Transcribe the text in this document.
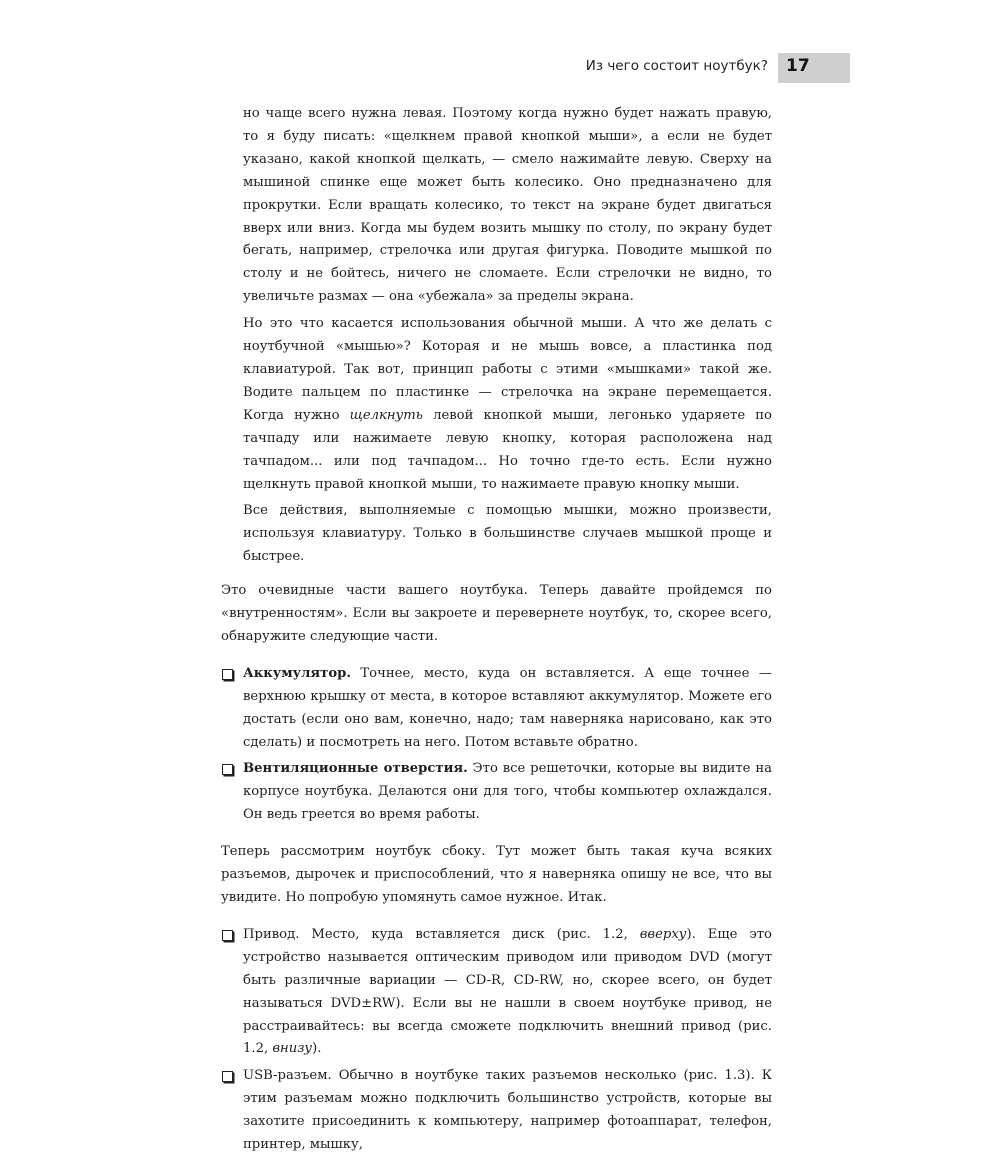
Из чего состоит ноутбук? 17

но чаще всего нужна левая. Поэтому когда нужно будет нажать правую, то я буду писать: «щелкнем правой кнопкой мыши», а если не будет указано, какой кнопкой щелкать, — смело нажимайте левую. Сверху на мышиной спинке еще может быть колесико. Оно предназначено для прокрутки. Если вращать колесико, то текст на экране будет двигаться вверх или вниз. Когда мы будем возить мышку по столу, по экрану будет бегать, например, стрелочка или другая фигурка. Поводите мышкой по столу и не бойтесь, ничего не сломаете. Если стрелочки не видно, то увеличьте размах — она «убежала» за пределы экрана.

Но это что касается использования обычной мыши. А что же делать с ноутбучной «мышью»? Которая и не мышь вовсе, а пластинка под клавиатурой. Так вот, принцип работы с этими «мышками» такой же. Водите пальцем по пластинке — стрелочка на экране перемещается. Когда нужно щелкнуть левой кнопкой мыши, легонько ударяете по тачпаду или нажимаете левую кнопку, которая расположена над тачпадом... или под тачпадом... Но точно где-то есть. Если нужно щелкнуть правой кнопкой мыши, то нажимаете правую кнопку мыши.

Все действия, выполняемые с помощью мышки, можно произвести, используя клавиатуру. Только в большинстве случаев мышкой проще и быстрее.

Это очевидные части вашего ноутбука. Теперь давайте пройдемся по «внутренностям». Если вы закроете и перевернете ноутбук, то, скорее всего, обнаружите следующие части.

Аккумулятор. Точнее, место, куда он вставляется. А еще точнее — верхнюю крышку от места, в которое вставляют аккумулятор. Можете его достать (если оно вам, конечно, надо; там наверняка нарисовано, как это сделать) и посмотреть на него. Потом вставьте обратно.
Вентиляционные отверстия. Это все решеточки, которые вы видите на корпусе ноутбука. Делаются они для того, чтобы компьютер охлаждался. Он ведь греется во время работы.

Теперь рассмотрим ноутбук сбоку. Тут может быть такая куча всяких разъемов, дырочек и приспособлений, что я наверняка опишу не все, что вы увидите. Но попробую упомянуть самое нужное. Итак.

Привод. Место, куда вставляется диск (рис. 1.2, вверху). Еще это устройство называется оптическим приводом или приводом DVD (могут быть различные вариации — CD-R, CD-RW, но, скорее всего, он будет называться DVD±RW). Если вы не нашли в своем ноутбуке привод, не расстраивайтесь: вы всегда сможете подключить внешний привод (рис. 1.2, внизу).
USB-разъем. Обычно в ноутбуке таких разъемов несколько (рис. 1.3). К этим разъемам можно подключить большинство устройств, которые вы захотите присоединить к компьютеру, например фотоаппарат, телефон, принтер, мышку,
